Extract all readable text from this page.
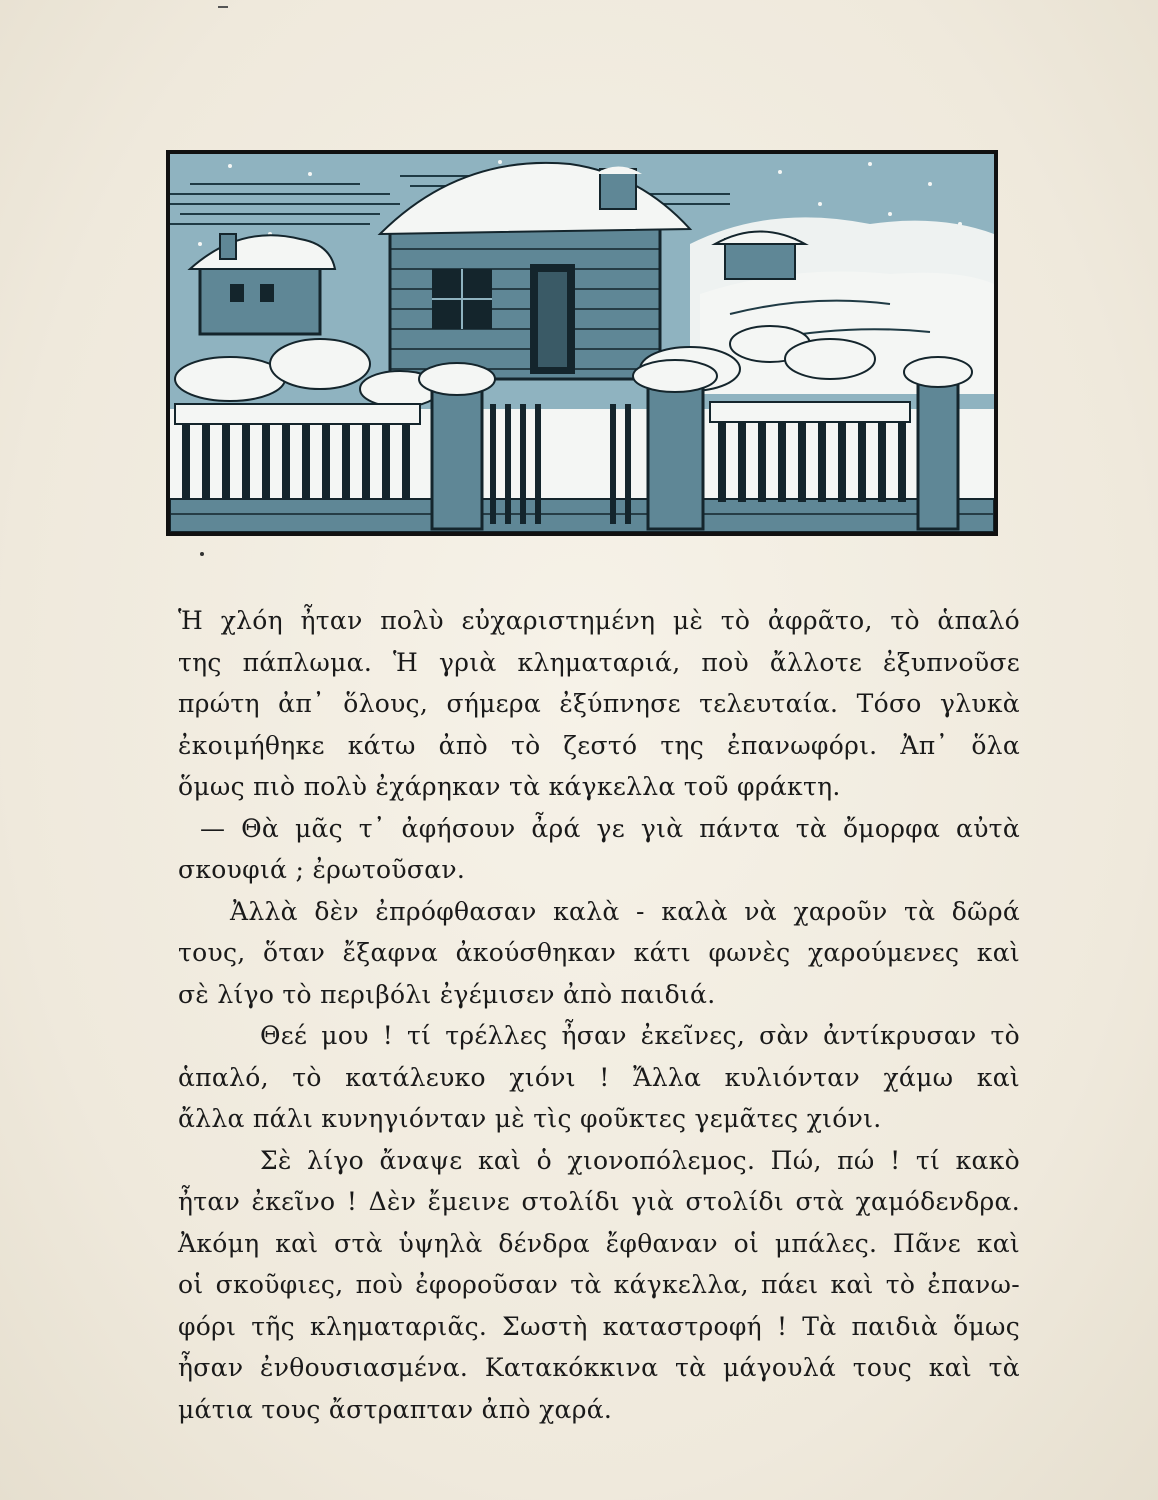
Ἡ χλόη ἦταν πολὺ εὐχαριστημένη μὲ τὸ ἀφρᾶτο, τὸ ἁπαλό
της πάπλωμα. Ἡ γριὰ κληματαριά, ποὺ ἄλλοτε ἐξυπνοῦσε
πρώτη ἀπ᾽ ὅλους, σήμερα ἐξύπνησε τελευταία. Τόσο γλυκὰ
ἐκοιμήθηκε κάτω ἀπὸ τὸ ζεστό της ἐπανωφόρι. Ἀπ᾽ ὅλα
ὅμως πιὸ πολὺ ἐχάρηκαν τὰ κάγκελλα τοῦ φράκτη.
— Θὰ μᾶς τ᾽ ἀφήσουν ἆρά γε γιὰ πάντα τὰ ὄμορφα αὐτὰ
σκουφιά ; ἐρωτοῦσαν.
Ἀλλὰ δὲν ἐπρόφθασαν καλὰ - καλὰ νὰ χαροῦν τὰ δῶρά
τους, ὅταν ἔξαφνα ἀκούσθηκαν κάτι φωνὲς χαρούμενες καὶ
σὲ λίγο τὸ περιβόλι ἐγέμισεν ἀπὸ παιδιά.
Θεέ μου ! τί τρέλλες ἦσαν ἐκεῖνες, σὰν ἀντίκρυσαν τὸ
ἁπαλό, τὸ κατάλευκο χιόνι ! Ἄλλα κυλιόνταν χάμω καὶ
ἄλλα πάλι κυνηγιόνταν μὲ τὶς φοῦκτες γεμᾶτες χιόνι.
Σὲ λίγο ἄναψε καὶ ὁ χιονοπόλεμος. Πώ, πώ ! τί κακὸ
ἦταν ἐκεῖνο ! Δὲν ἔμεινε στολίδι γιὰ στολίδι στὰ χαμόδενδρα.
Ἀκόμη καὶ στὰ ὑψηλὰ δένδρα ἔφθαναν οἱ μπάλες. Πᾶνε καὶ
οἱ σκοῦφιες, ποὺ ἐφοροῦσαν τὰ κάγκελλα, πάει καὶ τὸ ἐπανω-
φόρι τῆς κληματαριᾶς. Σωστὴ καταστροφή ! Τὰ παιδιὰ ὅμως
ἦσαν ἐνθουσιασμένα. Κατακόκκινα τὰ μάγουλά τους καὶ τὰ
μάτια τους ἄστραπταν ἀπὸ χαρά.
